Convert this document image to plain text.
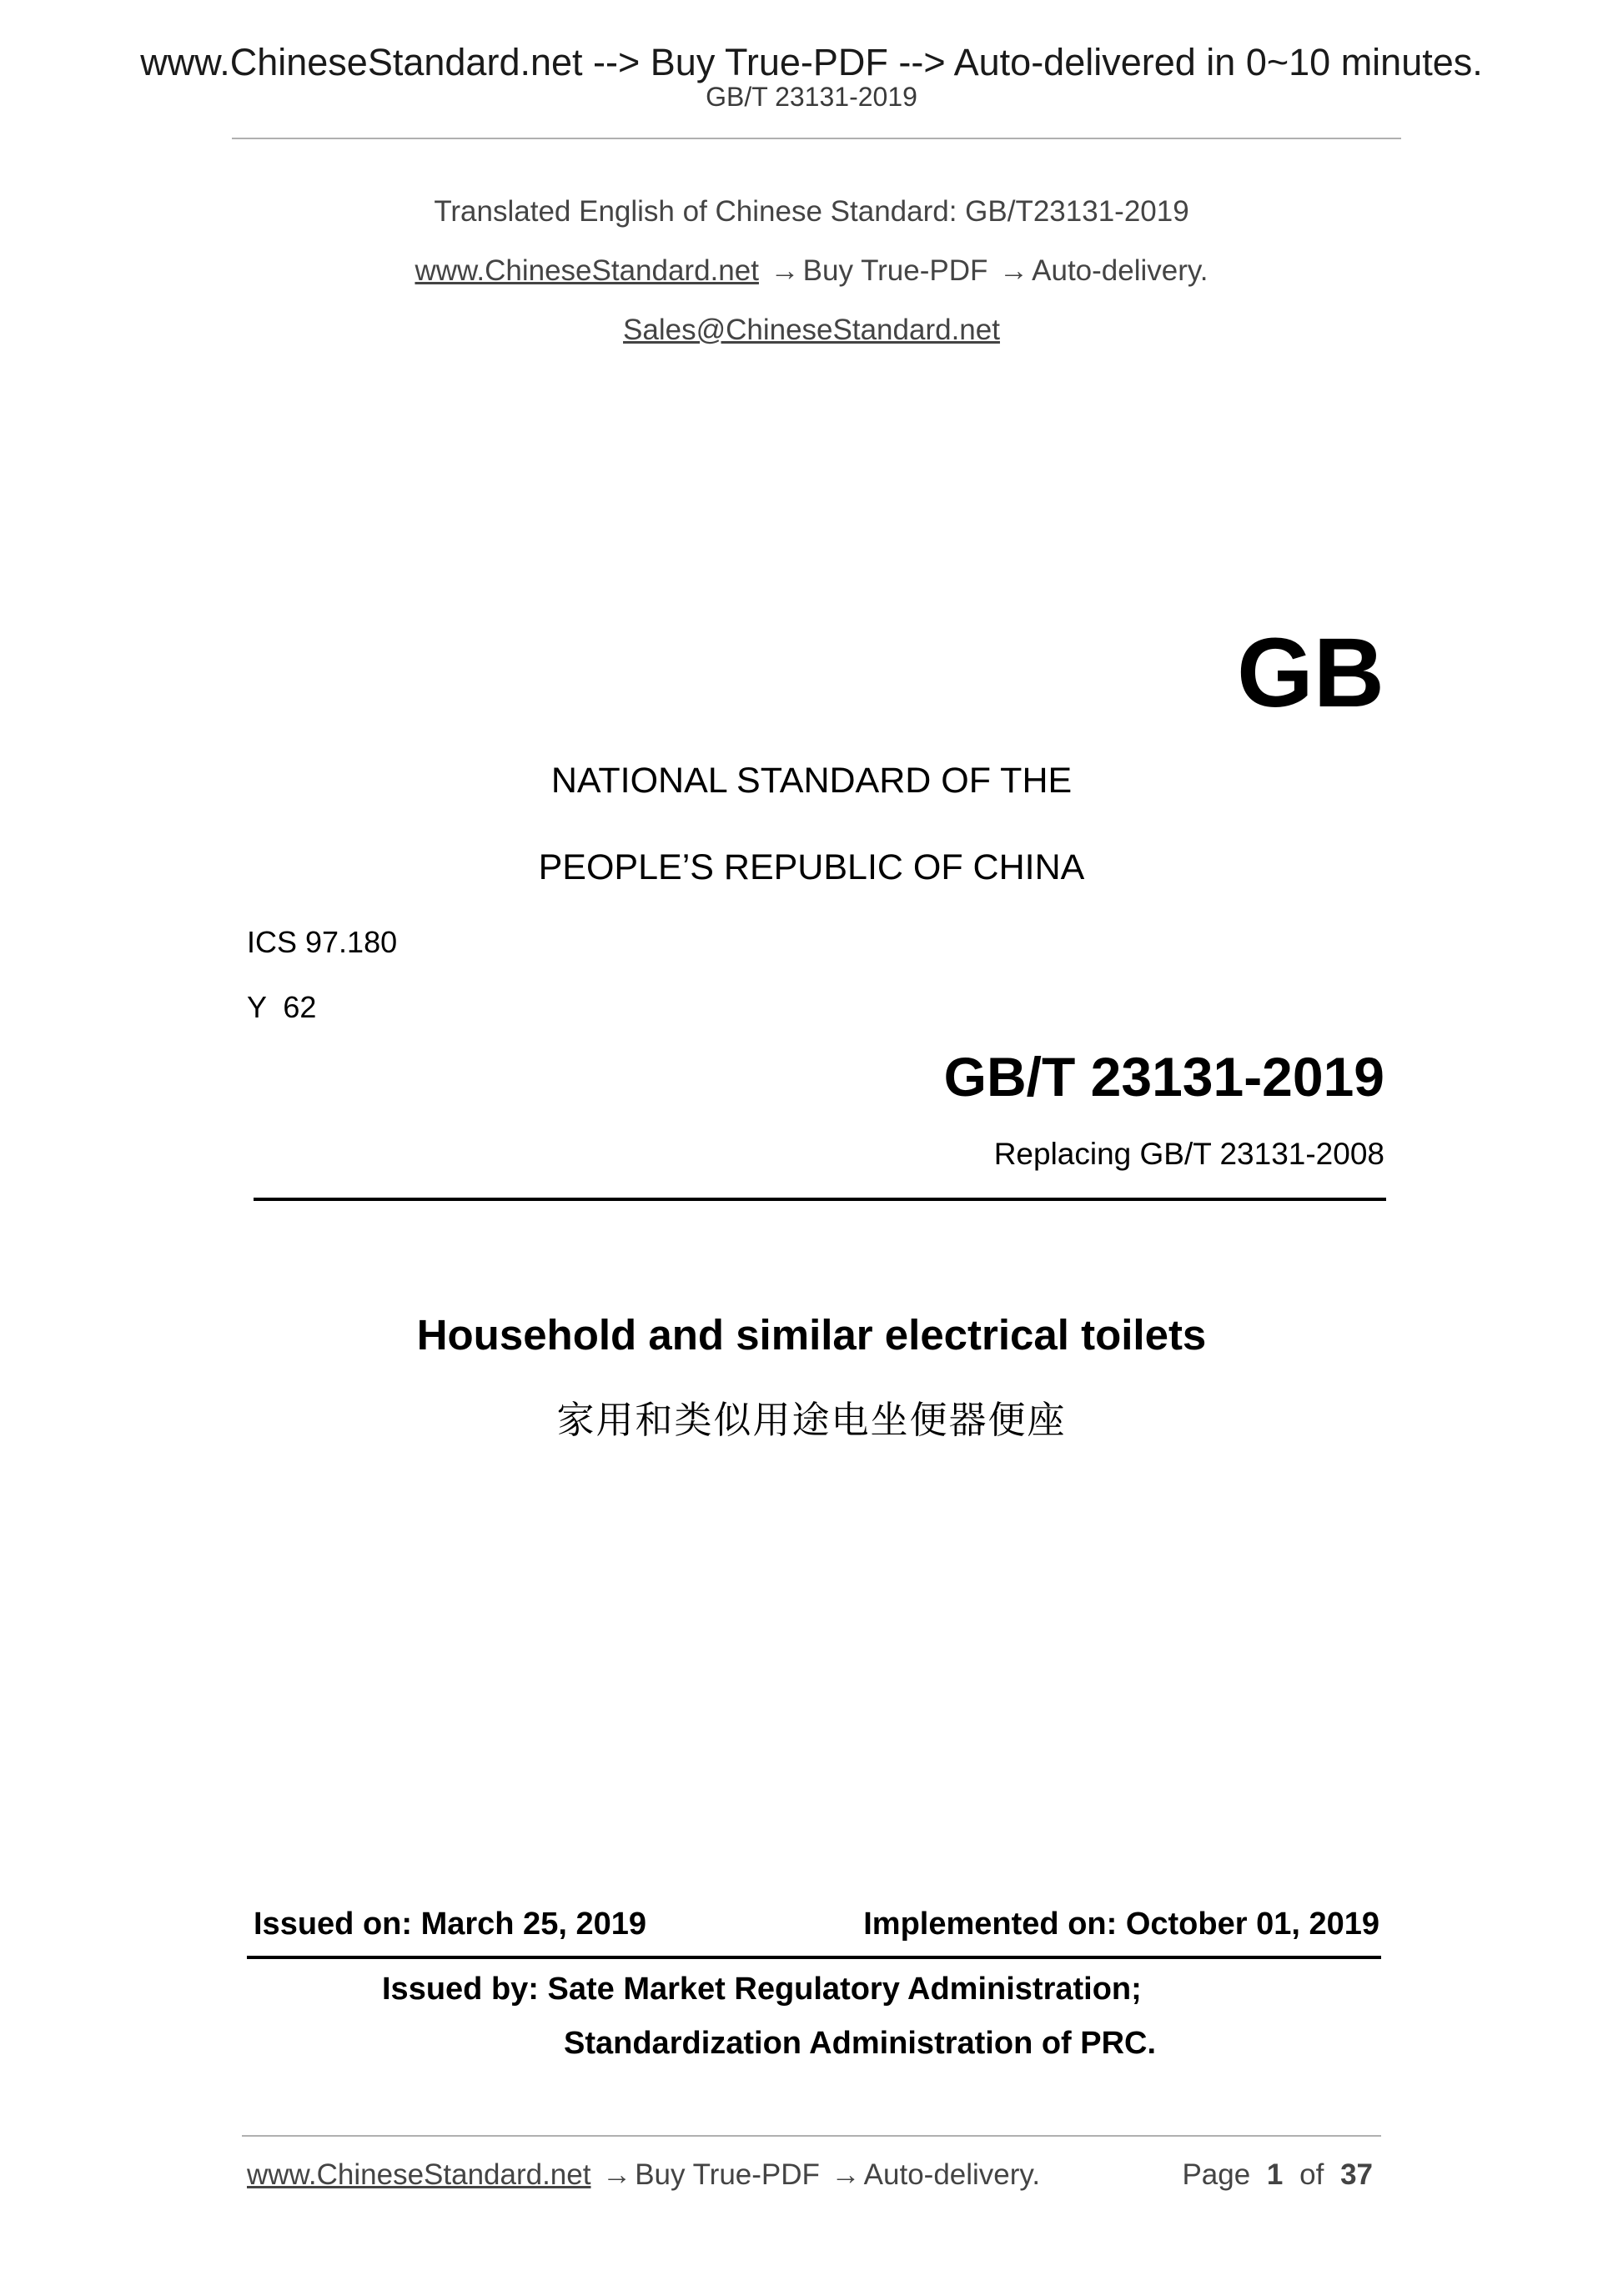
www.ChineseStandard.net --> Buy True-PDF --> Auto-delivered in 0~10 minutes.
GB/T 23131-2019
Translated English of Chinese Standard: GB/T23131-2019
www.ChineseStandard.net → Buy True-PDF → Auto-delivery.
Sales@ChineseStandard.net
GB
NATIONAL STANDARD OF THE
PEOPLE’S REPUBLIC OF CHINA
ICS 97.180
Y  62
GB/T 23131-2019
Replacing GB/T 23131-2008
Household and similar electrical toilets
家用和类似用途电坐便器便座
Issued on: March 25, 2019	Implemented on: October 01, 2019
Issued by: Sate Market Regulatory Administration;
Standardization Administration of PRC.
www.ChineseStandard.net → Buy True-PDF → Auto-delivery.	Page 1 of 37
